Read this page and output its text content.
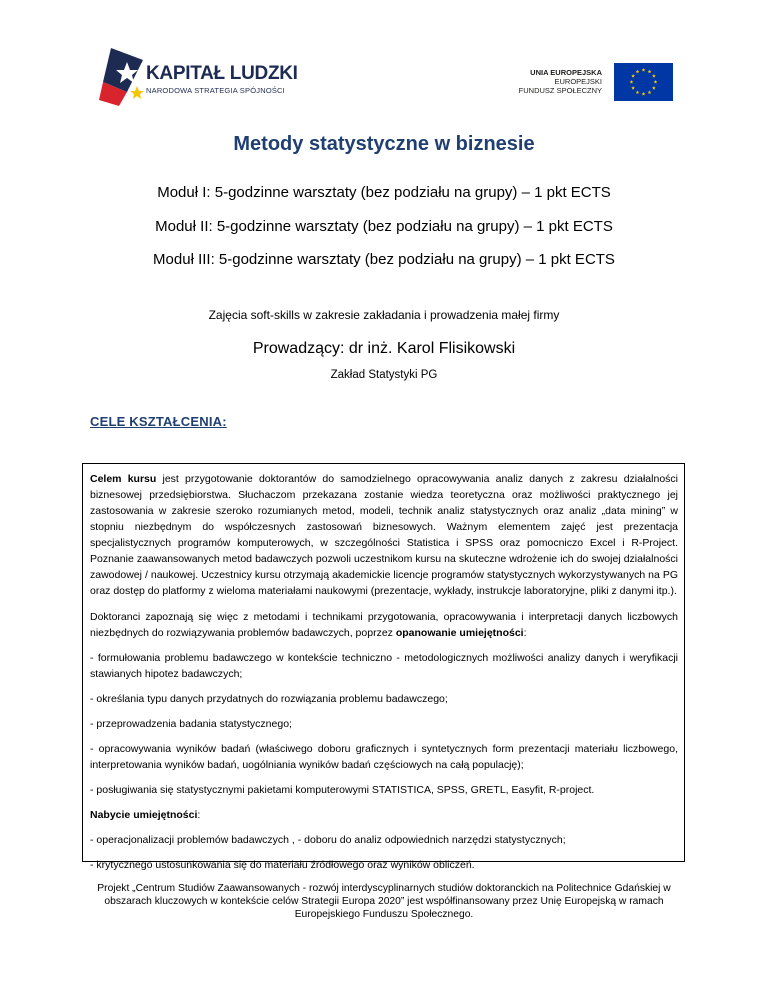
KAPITAŁ LUDZKI
NARODOWA STRATEGIA SPÓJNOŚCI
UNIA EUROPEJSKA
EUROPEJSKI
FUNDUSZ SPOŁECZNY
Metody statystyczne w biznesie
Moduł I: 5-godzinne warsztaty (bez podziału na grupy) – 1 pkt ECTS
Moduł II: 5-godzinne warsztaty (bez podziału na grupy) – 1 pkt ECTS
Moduł III: 5-godzinne warsztaty (bez podziału na grupy) – 1 pkt ECTS
Zajęcia soft-skills w zakresie zakładania i prowadzenia małej firmy
Prowadzący: dr inż. Karol Flisikowski
Zakład Statystyki PG
CELE KSZTAŁCENIA:

Celem kursu jest przygotowanie doktorantów do samodzielnego opracowywania analiz danych z zakresu działalności biznesowej przedsiębiorstwa. Słuchaczom przekazana zostanie wiedza teoretyczna oraz możliwości praktycznego jej zastosowania w zakresie szeroko rozumianych metod, modeli, technik analiz statystycznych oraz analiz „data mining” w stopniu niezbędnym do współczesnych zastosowań biznesowych. Ważnym elementem zajęć jest prezentacja specjalistycznych programów komputerowych, w szczególności Statistica i SPSS oraz pomocniczo Excel i R-Project. Poznanie zaawansowanych metod badawczych pozwoli uczestnikom kursu na skuteczne wdrożenie ich do swojej działalności zawodowej / naukowej. Uczestnicy kursu otrzymają akademickie licencje programów statystycznych wykorzystywanych na PG oraz dostęp do platformy z wieloma materiałami naukowymi (prezentacje, wykłady, instrukcje laboratoryjne, pliki z danymi itp.).

Doktoranci zapoznają się więc z metodami i technikami przygotowania, opracowywania i interpretacji danych liczbowych niezbędnych do rozwiązywania problemów badawczych, poprzez opanowanie umiejętności:

- formułowania problemu badawczego w kontekście techniczno - metodologicznych możliwości analizy danych i weryfikacji stawianych hipotez badawczych;

- określania typu danych przydatnych do rozwiązania problemu badawczego;

- przeprowadzenia badania statystycznego;

- opracowywania wyników badań (właściwego doboru graficznych i syntetycznych form prezentacji materiału liczbowego, interpretowania wyników badań, uogólniania wyników badań częściowych na całą populację);

- posługiwania się statystycznymi pakietami komputerowymi STATISTICA, SPSS, GRETL, Easyfit, R-project.

Nabycie umiejętności:

- operacjonalizacji problemów badawczych , - doboru do analiz odpowiednich narzędzi statystycznych;

- krytycznego ustosunkowania się do materiału źródłowego oraz wyników obliczeń.

Projekt „Centrum Studiów Zaawansowanych - rozwój interdyscyplinarnych studiów doktoranckich na Politechnice Gdańskiej w obszarach kluczowych w kontekście celów Strategii Europa 2020” jest współfinansowany przez Unię Europejską w ramach Europejskiego Funduszu Społecznego.
